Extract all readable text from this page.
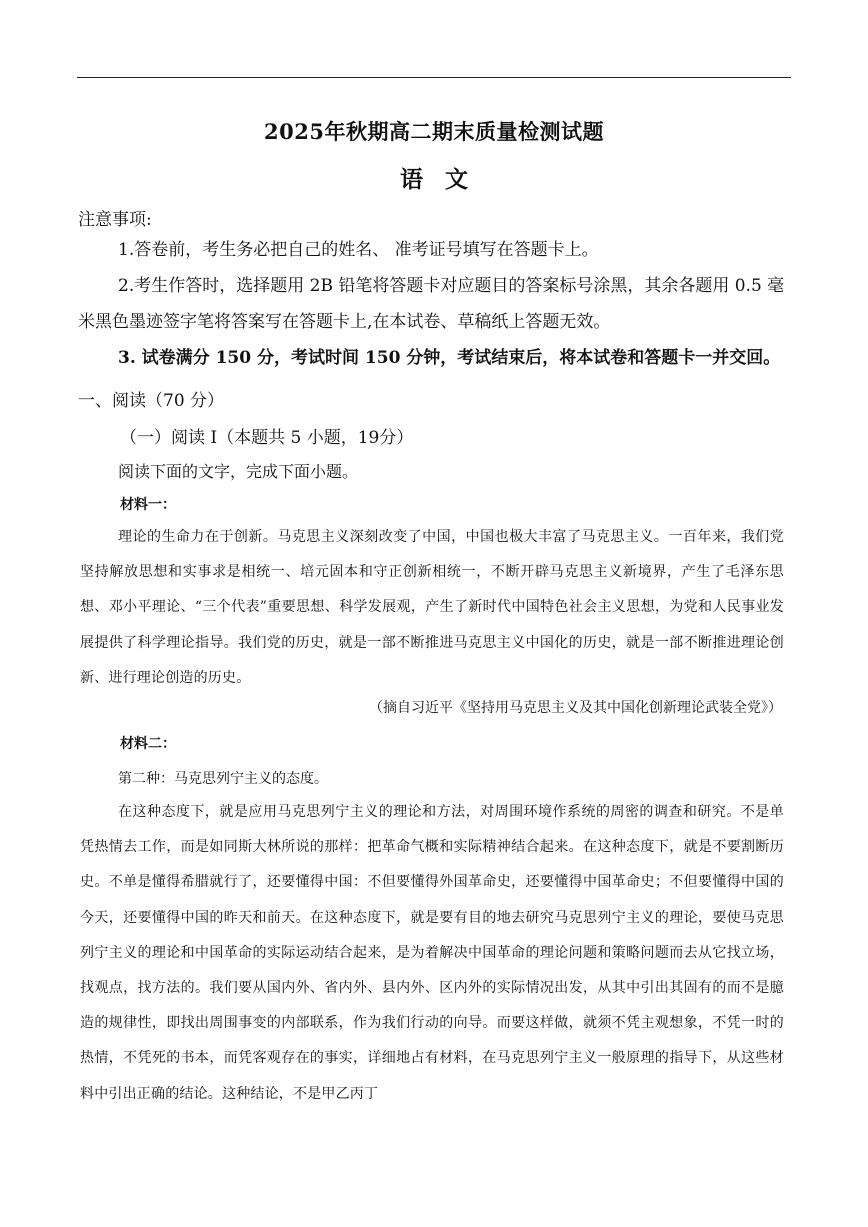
2025年秋期高二期末质量检测试题
语文
注意事项:
1.答卷前，考生务必把自己的姓名、 准考证号填写在答题卡上。
2.考生作答时，选择题用 2B 铅笔将答题卡对应题目的答案标号涂黑，其余各题用 0.5 毫米黑色墨迹签字笔将答案写在答题卡上,在本试卷、草稿纸上答题无效。
3. 试卷满分 150 分，考试时间 150 分钟，考试结束后，将本试卷和答题卡一并交回。
一、阅读（70 分）
（一）阅读 I（本题共 5 小题，19分）
阅读下面的文字，完成下面小题。
材料一：
理论的生命力在于创新。马克思主义深刻改变了中国，中国也极大丰富了马克思主义。一百年来，我们党坚持解放思想和实事求是相统一、培元固本和守正创新相统一，不断开辟马克思主义新境界，产生了毛泽东思想、邓小平理论、“三个代表”重要思想、科学发展观，产生了新时代中国特色社会主义思想，为党和人民事业发展提供了科学理论指导。我们党的历史，就是一部不断推进马克思主义中国化的历史，就是一部不断推进理论创新、进行理论创造的历史。
（摘自习近平《坚持用马克思主义及其中国化创新理论武装全党》）
材料二：
第二种：马克思列宁主义的态度。
在这种态度下，就是应用马克思列宁主义的理论和方法，对周围环境作系统的周密的调查和研究。不是单凭热情去工作，而是如同斯大林所说的那样：把革命气概和实际精神结合起来。在这种态度下，就是不要割断历史。不单是懂得希腊就行了，还要懂得中国：不但要懂得外国革命史，还要懂得中国革命史；不但要懂得中国的今天，还要懂得中国的昨天和前天。在这种态度下，就是要有目的地去研究马克思列宁主义的理论，要使马克思列宁主义的理论和中国革命的实际运动结合起来，是为着解决中国革命的理论问题和策略问题而去从它找立场，找观点，找方法的。我们要从国内外、省内外、县内外、区内外的实际情况出发，从其中引出其固有的而不是臆造的规律性，即找出周围事变的内部联系，作为我们行动的向导。而要这样做，就须不凭主观想象，不凭一时的热情，不凭死的书本，而凭客观存在的事实，详细地占有材料，在马克思列宁主义一般原理的指导下，从这些材料中引出正确的结论。这种结论，不是甲乙丙丁
